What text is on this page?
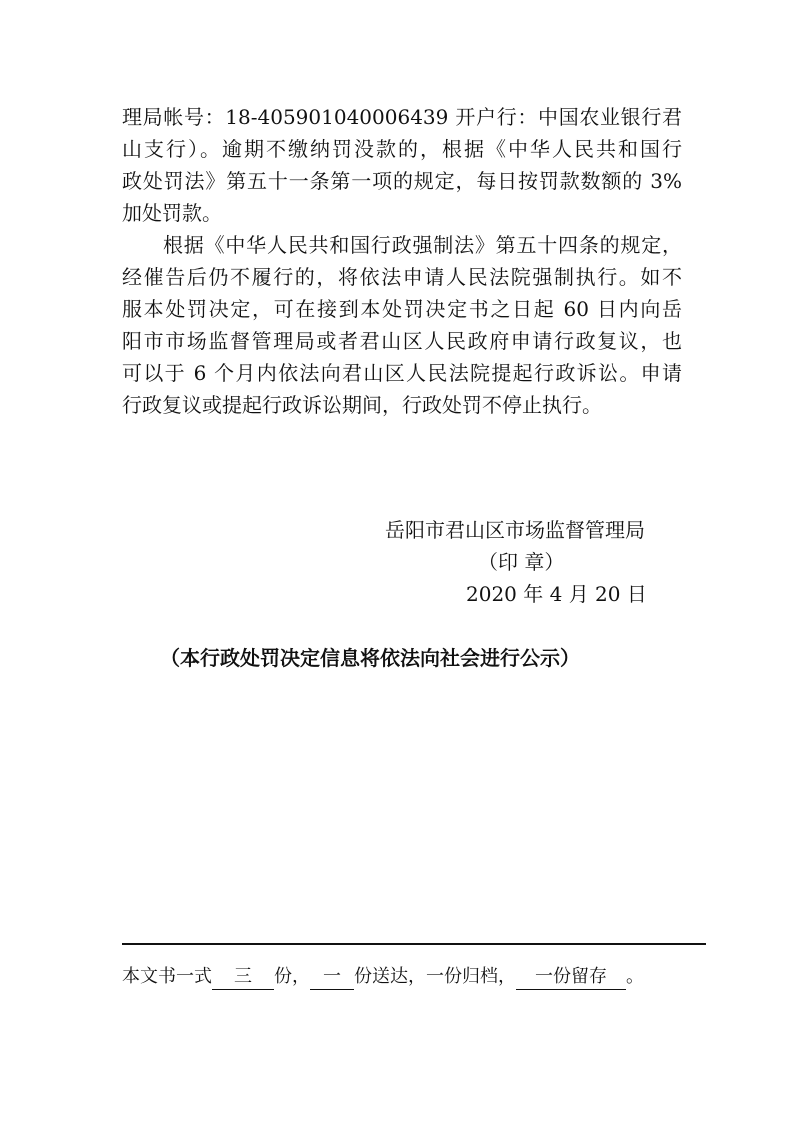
理局帐号：18-405901040006439 开户行：中国农业银行君
山支行）。逾期不缴纳罚没款的，根据《中华人民共和国行
政处罚法》第五十一条第一项的规定，每日按罚款数额的 3%
加处罚款。
根据《中华人民共和国行政强制法》第五十四条的规定，
经催告后仍不履行的，将依法申请人民法院强制执行。如不
服本处罚决定，可在接到本处罚决定书之日起 60 日内向岳
阳市市场监督管理局或者君山区人民政府申请行政复议，也
可以于 6 个月内依法向君山区人民法院提起行政诉讼。申请
行政复议或提起行政诉讼期间，行政处罚不停止执行。
岳阳市君山区市场监督管理局
（印 章）
2020 年 4 月 20 日
（本行政处罚决定信息将依法向社会进行公示）
本文书一式 三 份， 一 份送达，一份归档， 一份留存 。
